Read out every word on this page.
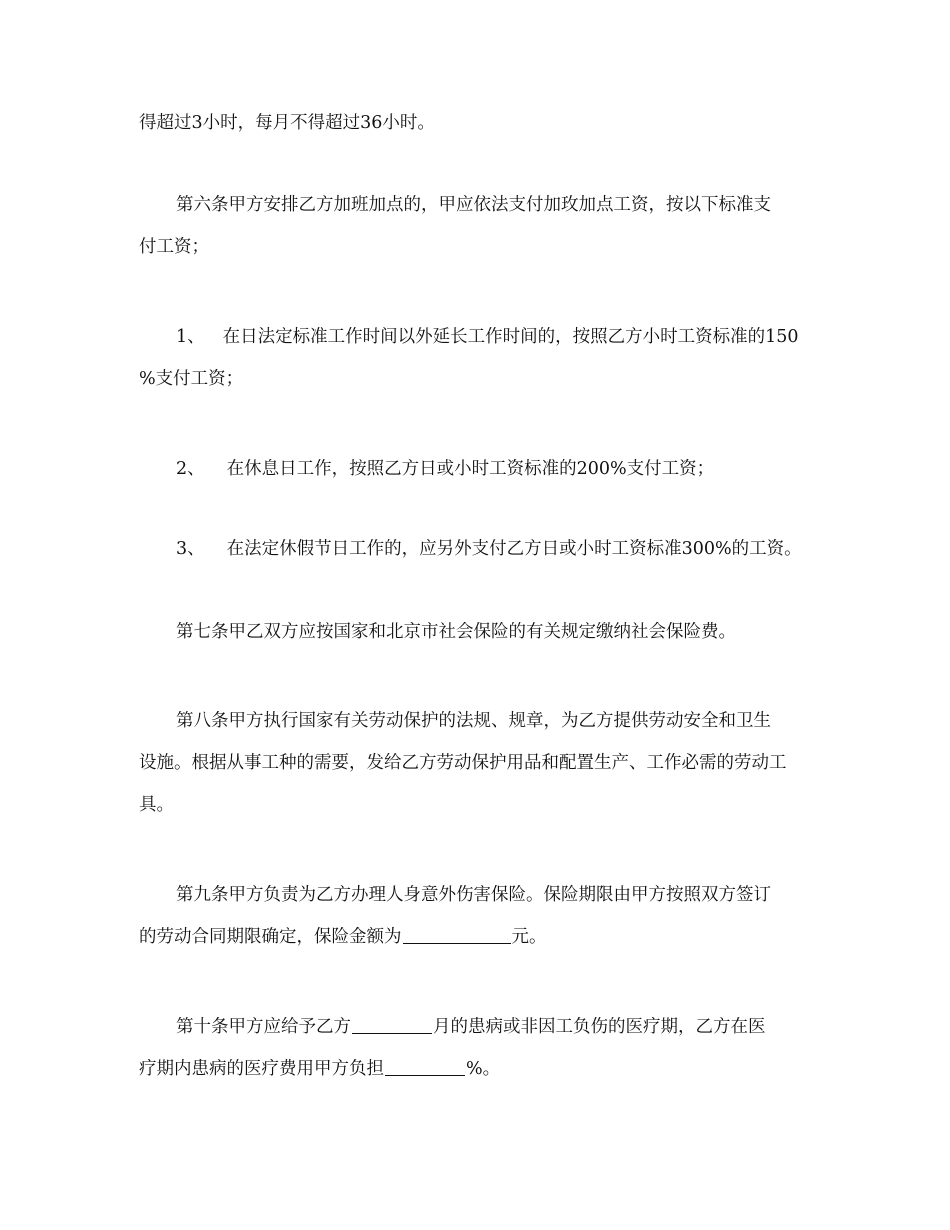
得超过3小时，每月不得超过36小时。
第六条甲方安排乙方加班加点的，甲应依法支付加玫加点工资，按以下标准支
付工资；
1、 在日法定标准工作时间以外延长工作时间的，按照乙方小时工资标准的150
%支付工资；
2、 在休息日工作，按照乙方日或小时工资标准的200%支付工资；
3、 在法定休假节日工作的，应另外支付乙方日或小时工资标准300%的工资。
第七条甲乙双方应按国家和北京市社会保险的有关规定缴纳社会保险费。
第八条甲方执行国家有关劳动保护的法规、规章，为乙方提供劳动安全和卫生
设施。根据从事工种的需要，发给乙方劳动保护用品和配置生产、工作必需的劳动工
具。
第九条甲方负责为乙方办理人身意外伤害保险。保险期限由甲方按照双方签订
的劳动合同期限确定，保险金额为	元。
第十条甲方应给予乙方	月的患病或非因工负伤的医疗期，乙方在医
疗期内患病的医疗费用甲方负担	%。
